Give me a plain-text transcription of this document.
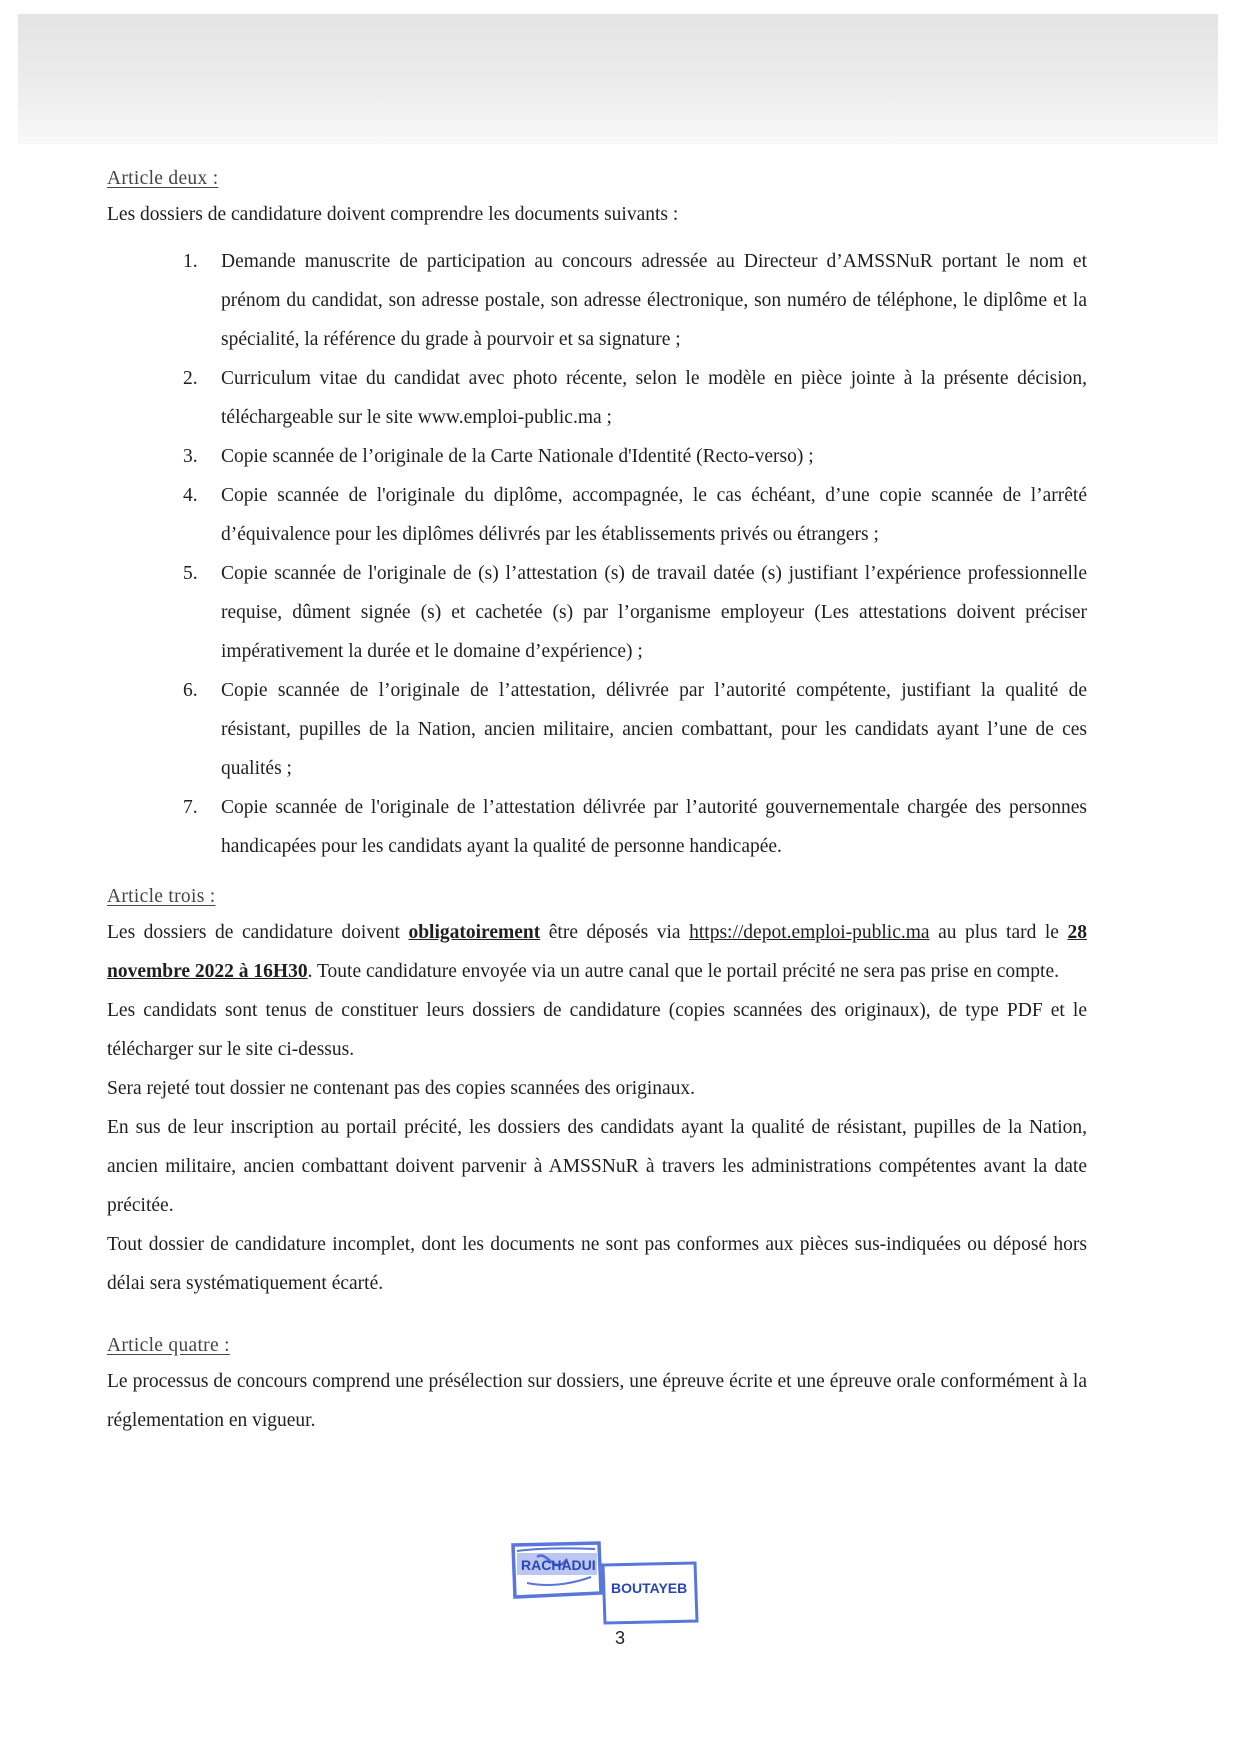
Article deux :

Les dossiers de candidature doivent comprendre les documents suivants :

1.	Demande manuscrite de participation au concours adressée au Directeur d’AMSSNuR portant le nom et prénom du candidat, son adresse postale, son adresse électronique, son numéro de téléphone, le diplôme et la spécialité, la référence du grade à pourvoir et sa signature ;
2.	Curriculum vitae du candidat avec photo récente, selon le modèle en pièce jointe à la présente décision, téléchargeable sur le site www.emploi-public.ma ;
3.	Copie scannée de l’originale de la Carte Nationale d'Identité (Recto-verso) ;
4.	Copie scannée de l'originale du diplôme, accompagnée, le cas échéant, d’une copie scannée de l’arrêté d’équivalence pour les diplômes délivrés par les établissements privés ou étrangers ;
5.	Copie scannée de l'originale de (s) l’attestation (s) de travail datée (s) justifiant l’expérience professionnelle requise, dûment signée (s) et cachetée (s) par l’organisme employeur (Les attestations doivent préciser impérativement la durée et le domaine d’expérience) ;
6.	Copie scannée de l’originale de l’attestation, délivrée par l’autorité compétente, justifiant la qualité de résistant, pupilles de la Nation, ancien militaire, ancien combattant, pour les candidats ayant l’une de ces qualités ;
7.	Copie scannée de l'originale de l’attestation délivrée par l’autorité gouvernementale chargée des personnes handicapées pour les candidats ayant la qualité de personne handicapée.
Article trois :

Les dossiers de candidature doivent obligatoirement être déposés via https://depot.emploi-public.ma au plus tard le 28 novembre 2022 à 16H30. Toute candidature envoyée via un autre canal que le portail précité ne sera pas prise en compte.

Les candidats sont tenus de constituer leurs dossiers de candidature (copies scannées des originaux), de type PDF et le télécharger sur le site ci-dessus.

Sera rejeté tout dossier ne contenant pas des copies scannées des originaux.

En sus de leur inscription au portail précité, les dossiers des candidats ayant la qualité de résistant, pupilles de la Nation, ancien militaire, ancien combattant doivent parvenir à AMSSNuR à travers les administrations compétentes avant la date précitée.

Tout dossier de candidature incomplet, dont les documents ne sont pas conformes aux pièces sus-indiquées ou déposé hors délai sera systématiquement écarté.

Article quatre :

Le processus de concours comprend une présélection sur dossiers, une épreuve écrite et une épreuve orale conformément à la réglementation en vigueur.

RACHADUI
BOUTAYEB
3
